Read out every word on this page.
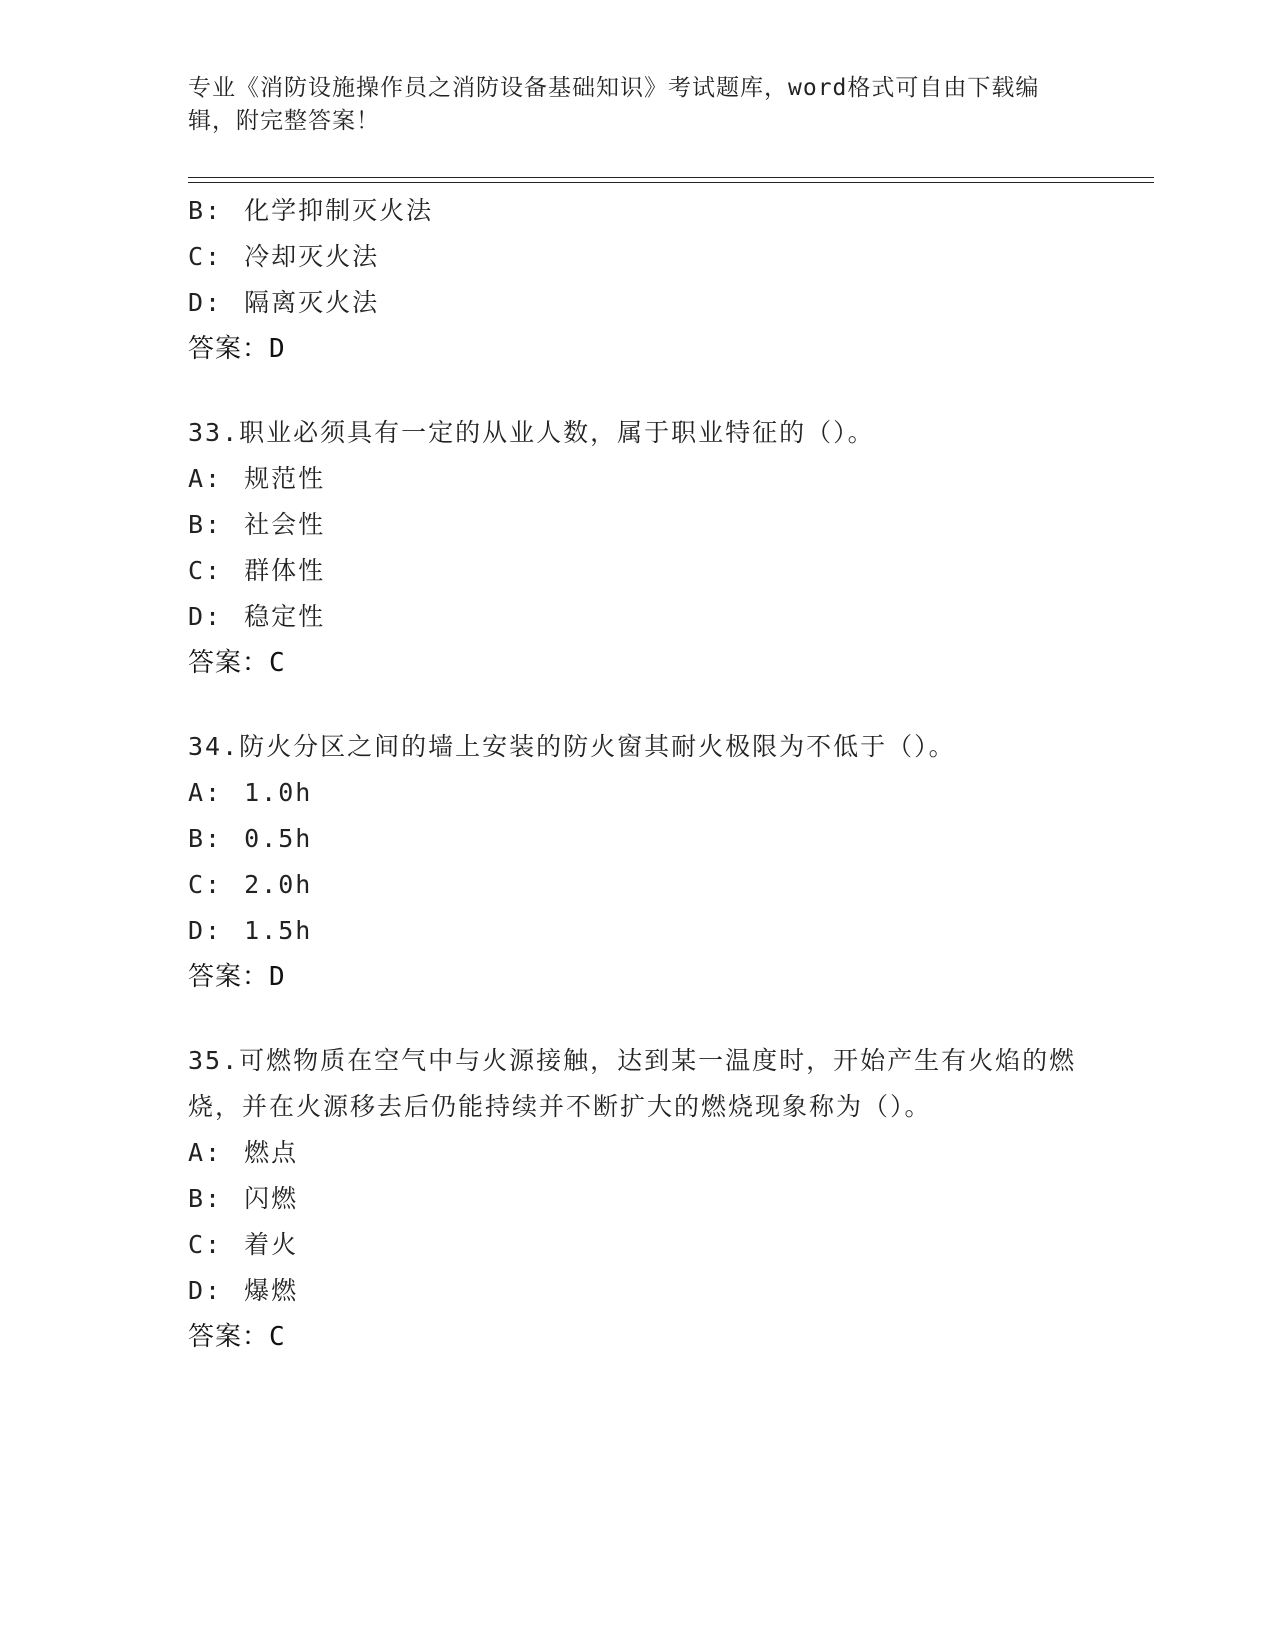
专业《消防设施操作员之消防设备基础知识》考试题库，word格式可自由下载编
辑，附完整答案！

B: 化学抑制灭火法

C: 冷却灭火法

D: 隔离灭火法

答案：D

33.职业必须具有一定的从业人数，属于职业特征的（）。

A: 规范性

B: 社会性

C: 群体性

D: 稳定性

答案：C

34.防火分区之间的墙上安装的防火窗其耐火极限为不低于（）。

A: 1.0h

B: 0.5h

C: 2.0h

D: 1.5h

答案：D

35.可燃物质在空气中与火源接触，达到某一温度时，开始产生有火焰的燃烧，并在火源移去后仍能持续并不断扩大的燃烧现象称为（）。

A: 燃点

B: 闪燃

C: 着火

D: 爆燃

答案：C
